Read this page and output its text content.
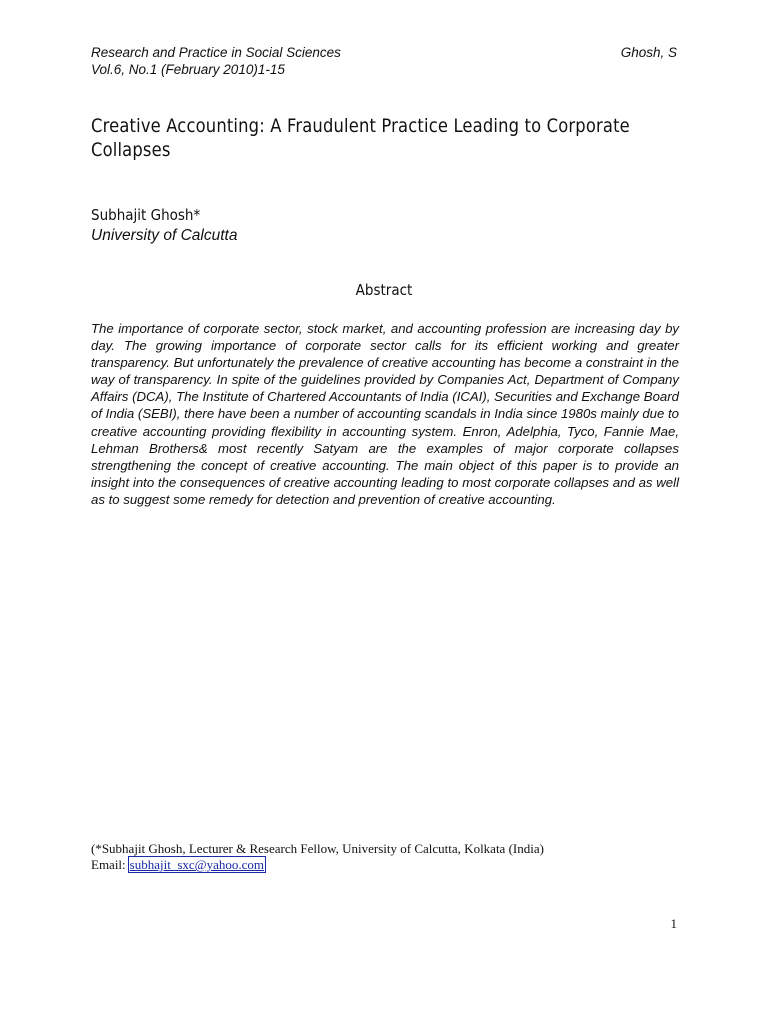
Research and Practice in Social Sciences
Vol.6, No.1 (February 2010)1-15
Ghosh, S
Creative Accounting: A Fraudulent Practice Leading to Corporate Collapses
Subhajit Ghosh*
University of Calcutta
Abstract
The importance of corporate sector, stock market, and accounting profession are increasing day by day. The growing importance of corporate sector calls for its efficient working and greater transparency. But unfortunately the prevalence of creative accounting has become a constraint in the way of transparency. In spite of the guidelines provided by Companies Act, Department of Company Affairs (DCA), The Institute of Chartered Accountants of India (ICAI), Securities and Exchange Board of India (SEBI), there have been a number of accounting scandals in India since 1980s mainly due to creative accounting providing flexibility in accounting system. Enron, Adelphia, Tyco, Fannie Mae, Lehman Brothers& most recently Satyam are the examples of major corporate collapses strengthening the concept of creative accounting. The main object of this paper is to provide an insight into the consequences of creative accounting leading to most corporate collapses and as well as to suggest some remedy for detection and prevention of creative accounting.
(*Subhajit Ghosh, Lecturer & Research Fellow, University of Calcutta, Kolkata (India)
Email: subhajit_sxc@yahoo.com
1
